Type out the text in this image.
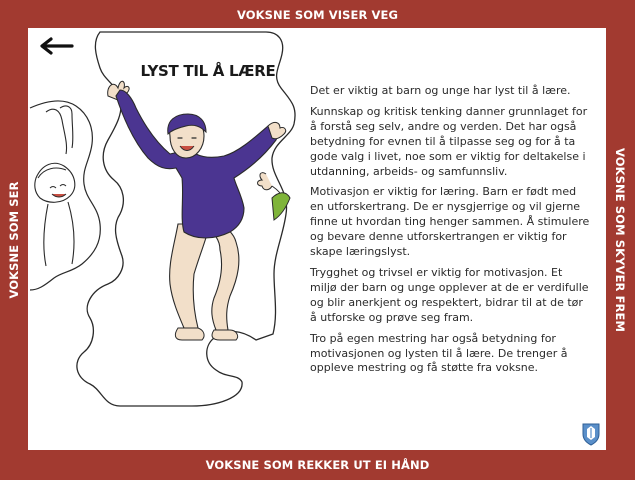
VOKSNE SOM VISER VEG
VOKSNE SOM REKKER UT EI HÅND
VOKSNE SOM SER	VOKSNE SOM SKYVER FREM
LYST TIL Å LÆRE

Det er viktig at barn og unge har lyst til å lære.

Kunnskap og kritisk tenking danner grunnlaget for å forstå seg selv, andre og verden. Det har også betydning for evnen til å tilpasse seg og for å ta gode valg i livet, noe som er viktig for deltakelse i utdanning, arbeids- og samfunnsliv.

Motivasjon er viktig for læring. Barn er født med en utforskertrang. De er nysgjerrige og vil gjerne finne ut hvordan ting henger sammen. Å stimulere og bevare denne utforskertrangen er viktig for skape læringslyst.

Trygghet og trivsel er viktig for motivasjon. Et miljø der barn og unge opplever at de er verdifulle og blir anerkjent og respektert, bidrar til at de tør å utforske og prøve seg fram.

Tro på egen mestring har også betydning for motivasjonen og lysten til å lære. De trenger å oppleve mestring og få støtte fra voksne.
